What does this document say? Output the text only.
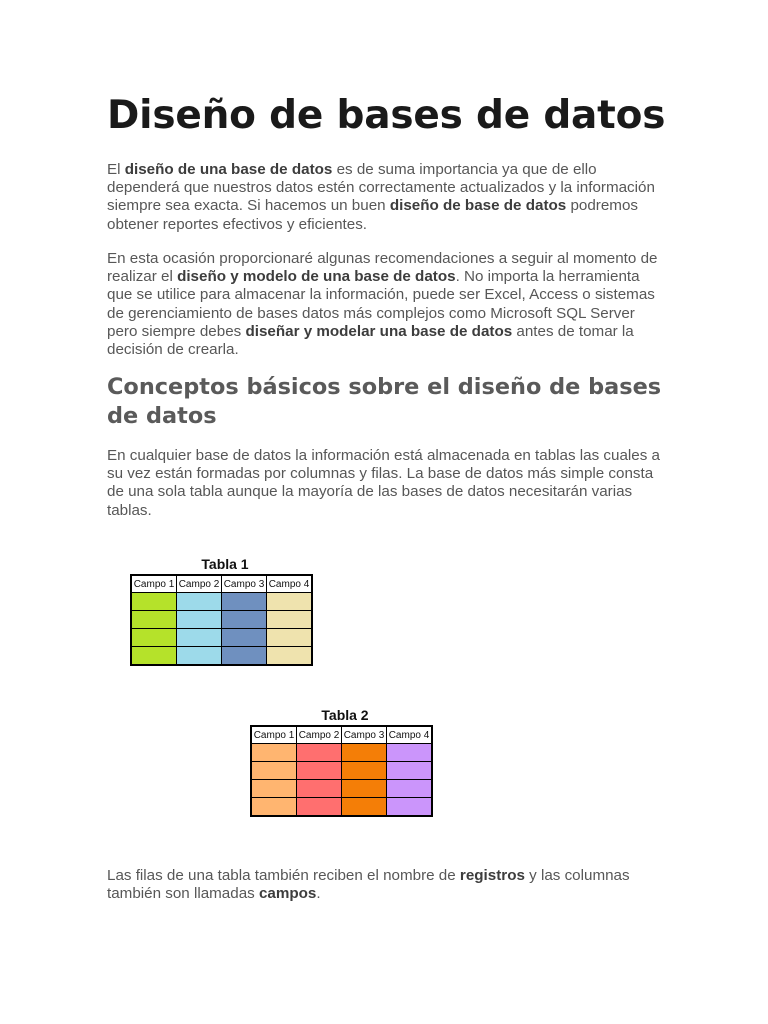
Diseño de bases de datos

El diseño de una base de datos es de suma importancia ya que de ello dependerá que nuestros datos estén correctamente actualizados y la información siempre sea exacta. Si hacemos un buen diseño de base de datos podremos obtener reportes efectivos y eficientes.

En esta ocasión proporcionaré algunas recomendaciones a seguir al momento de realizar el diseño y modelo de una base de datos. No importa la herramienta que se utilice para almacenar la información, puede ser Excel, Access o sistemas de gerenciamiento de bases datos más complejos como Microsoft SQL Server pero siempre debes diseñar y modelar una base de datos antes de tomar la decisión de crearla.

Conceptos básicos sobre el diseño de bases de datos

En cualquier base de datos la información está almacenada en tablas las cuales a su vez están formadas por columnas y filas. La base de datos más simple consta de una sola tabla aunque la mayoría de las bases de datos necesitarán varias tablas.

Tabla 1
Campo 1	Campo 2	Campo 3	Campo 4

Tabla 2
Campo 1	Campo 2	Campo 3	Campo 4

Las filas de una tabla también reciben el nombre de registros y las columnas también son llamadas campos.
